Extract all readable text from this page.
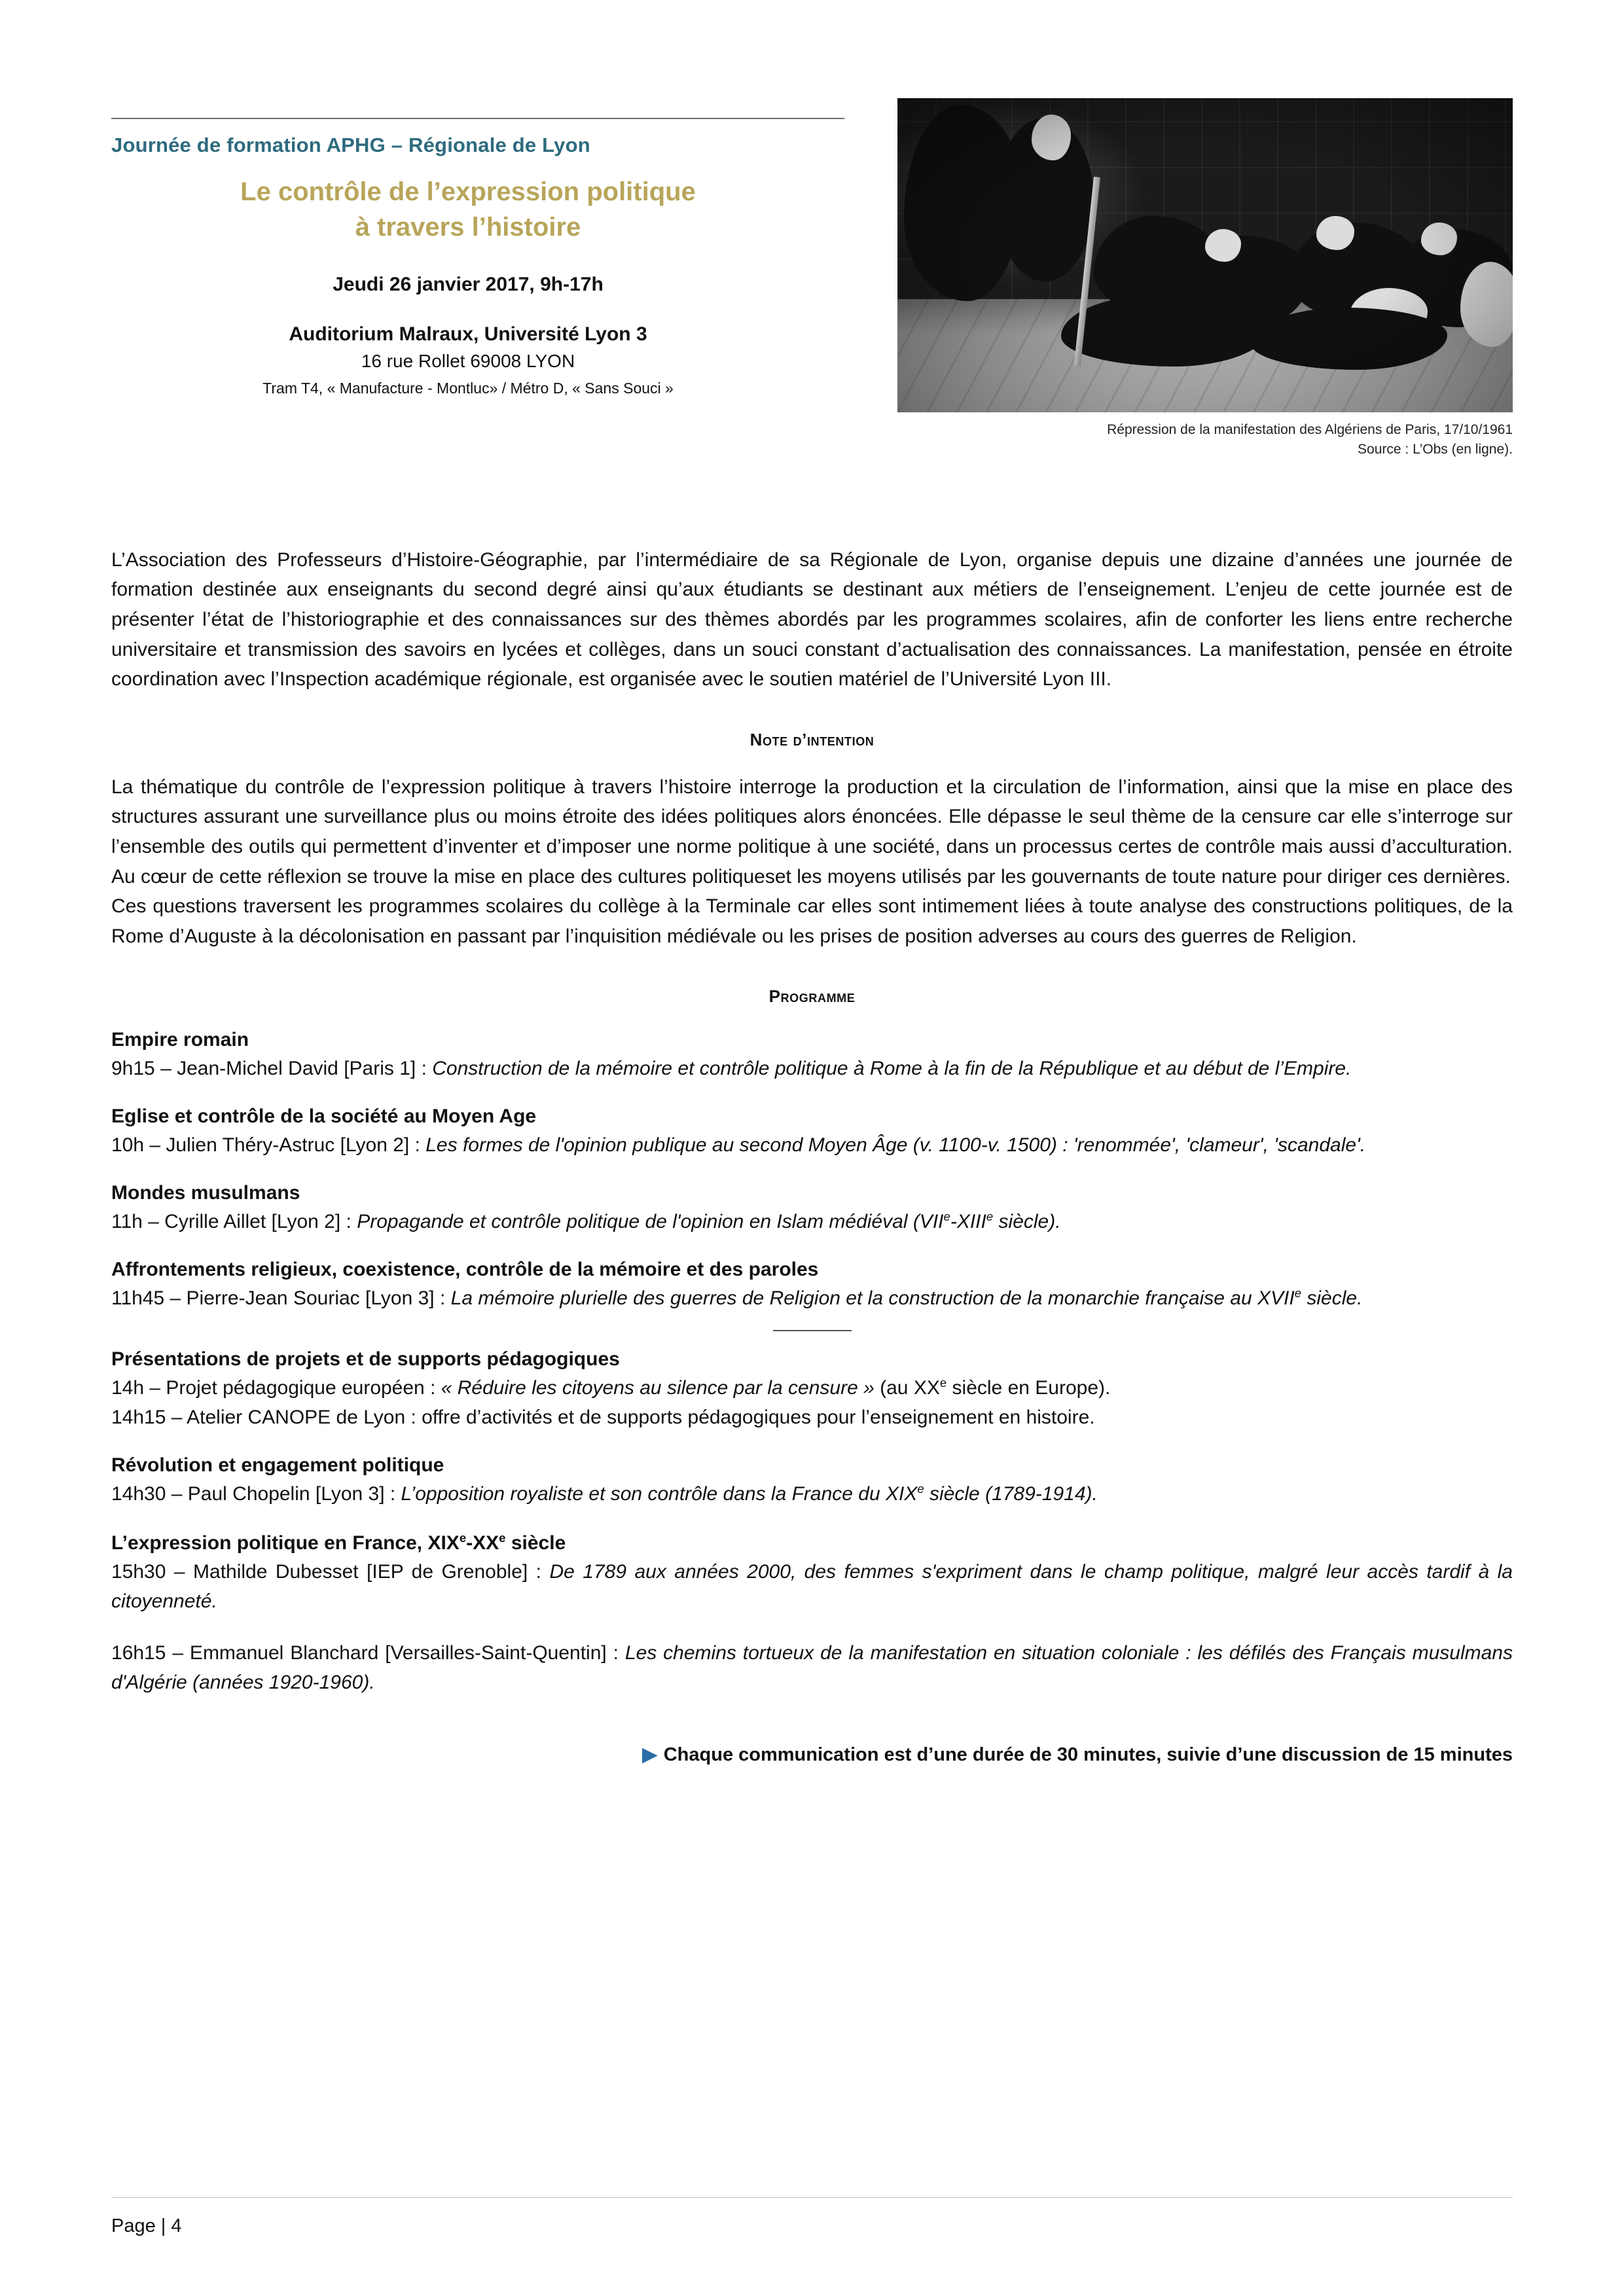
Journée de formation APHG – Régionale de Lyon
Le contrôle de l’expression politique
à travers l’histoire
Jeudi 26 janvier 2017, 9h-17h
Auditorium Malraux, Université Lyon 3
16 rue Rollet 69008 LYON
Tram T4, « Manufacture - Montluc» / Métro D, « Sans Souci »
Répression de la manifestation des Algériens de Paris, 17/10/1961
Source : L’Obs (en ligne).

L’Association des Professeurs d’Histoire-Géographie, par l’intermédiaire de sa Régionale de Lyon, organise depuis une dizaine d’années une journée de formation destinée aux enseignants du second degré ainsi qu’aux étudiants se destinant aux métiers de l’enseignement. L’enjeu de cette journée est de présenter l’état de l’historiographie et des connaissances sur des thèmes abordés par les programmes scolaires, afin de conforter les liens entre recherche universitaire et transmission des savoirs en lycées et collèges, dans un souci constant d’actualisation des connaissances. La manifestation, pensée en étroite coordination avec l’Inspection académique régionale, est organisée avec le soutien matériel de l’Université Lyon III.

Note d’intention

La thématique du contrôle de l’expression politique à travers l’histoire interroge la production et la circulation de l’information, ainsi que la mise en place des structures assurant une surveillance plus ou moins étroite des idées politiques alors énoncées. Elle dépasse le seul thème de la censure car elle s’interroge sur l’ensemble des outils qui permettent d’inventer et d’imposer une norme politique à une société, dans un processus certes de contrôle mais aussi d’acculturation. Au cœur de cette réflexion se trouve la mise en place des cultures politiqueset les moyens utilisés par les gouvernants de toute nature pour diriger ces dernières.

Ces questions traversent les programmes scolaires du collège à la Terminale car elles sont intimement liées à toute analyse des constructions politiques, de la Rome d’Auguste à la décolonisation en passant par l’inquisition médiévale ou les prises de position adverses au cours des guerres de Religion.

Programme
Empire romain

9h15 – Jean-Michel David [Paris 1] : Construction de la mémoire et contrôle politique à Rome à la fin de la République et au début de l’Empire.

Eglise et contrôle de la société au Moyen Age

10h – Julien Théry-Astruc [Lyon 2] : Les formes de l'opinion publique au second Moyen Âge (v. 1100-v. 1500) : 'renommée', 'clameur', 'scandale'.

Mondes musulmans

11h – Cyrille Aillet [Lyon 2] : Propagande et contrôle politique de l'opinion en Islam médiéval (VIIe-XIIIe siècle).

Affrontements religieux, coexistence, contrôle de la mémoire et des paroles

11h45 – Pierre-Jean Souriac [Lyon 3] : La mémoire plurielle des guerres de Religion et la construction de la monarchie française au XVIIe siècle.

Présentations de projets et de supports pédagogiques

14h – Projet pédagogique européen : « Réduire les citoyens au silence par la censure » (au XXe siècle en Europe).

14h15 – Atelier CANOPE de Lyon : offre d’activités et de supports pédagogiques pour l’enseignement en histoire.

Révolution et engagement politique

14h30 – Paul Chopelin [Lyon 3] : L’opposition royaliste et son contrôle dans la France du XIXe siècle (1789-1914).

L’expression politique en France, XIXe-XXe siècle

15h30 – Mathilde Dubesset [IEP de Grenoble] : De 1789 aux années 2000, des femmes s'expriment dans le champ politique, malgré leur accès tardif à la citoyenneté.

16h15 – Emmanuel Blanchard [Versailles-Saint-Quentin] : Les chemins tortueux de la manifestation en situation coloniale : les défilés des Français musulmans d'Algérie (années 1920-1960).

▶ Chaque communication est d’une durée de 30 minutes, suivie d’une discussion de 15 minutes
Page | 4
